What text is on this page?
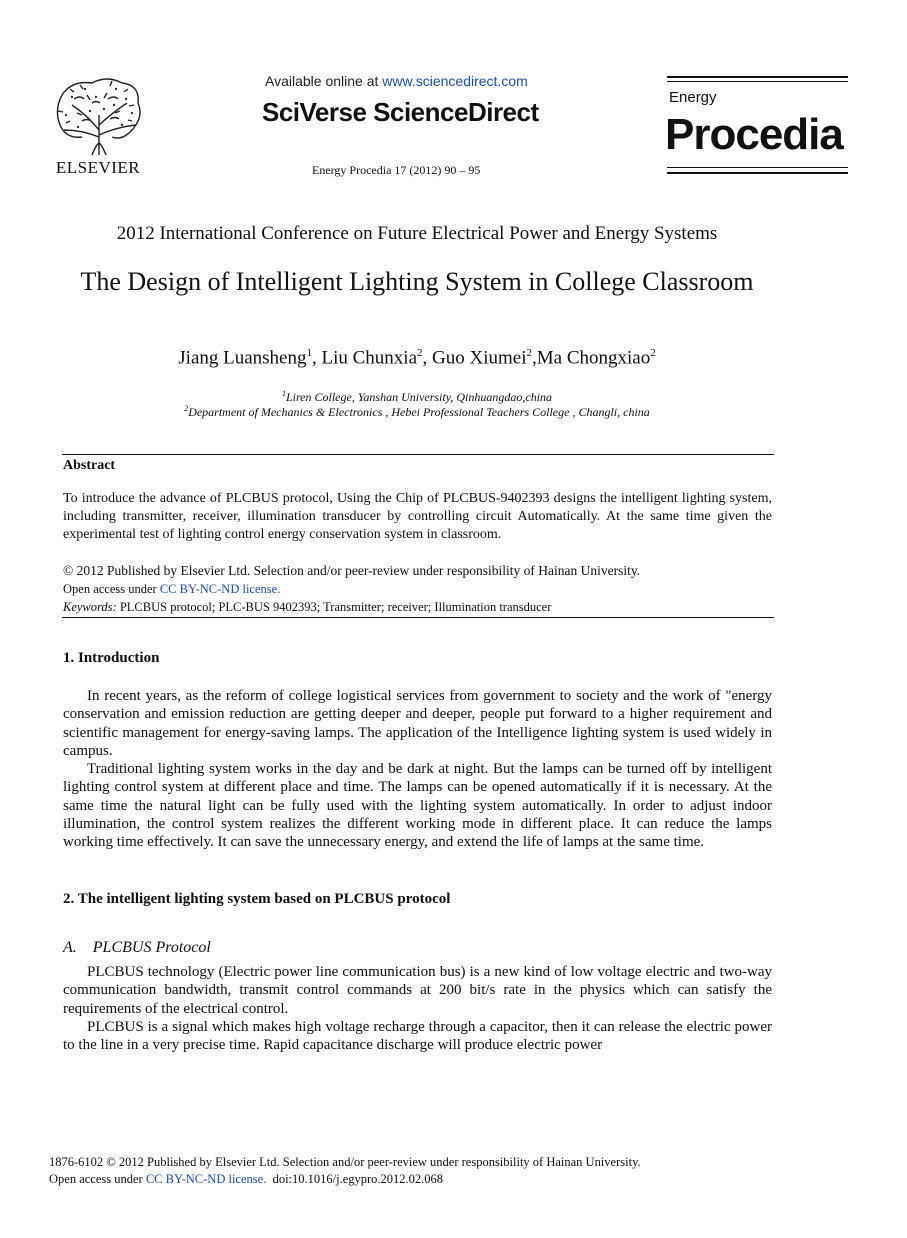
ELSEVIER
Available online at www.sciencedirect.com
SciVerse ScienceDirect
Energy Procedia 17 (2012) 90 – 95
Energy
Procedia
2012 International Conference on Future Electrical Power and Energy Systems
The Design of Intelligent Lighting System in College Classroom
Jiang Luansheng$^1$, Liu Chunxia$^2$, Guo Xiumei$^2$,Ma Chongxiao$^2$
$^1$Liren College, Yanshan University, Qinhuangdao,china
$^2$Department of Mechanics & Electronics , Hebei Professional Teachers College , Changli, china
Abstract
To introduce the advance of PLCBUS protocol, Using the Chip of PLCBUS-9402393 designs the intelligent lighting system, including transmitter, receiver, illumination transducer by controlling circuit Automatically. At the same time given the experimental test of lighting control energy conservation system in classroom.
© 2012 Published by Elsevier Ltd. Selection and/or peer-review under responsibility of Hainan University.
Open access under CC BY-NC-ND license.
Keywords: PLCBUS protocol; PLC-BUS 9402393; Transmitter; receiver; Illumination transducer
1. Introduction
In recent years, as the reform of college logistical services from government to society and the work of "energy conservation and emission reduction are getting deeper and deeper, people put forward to a higher requirement and scientific management for energy-saving lamps. The application of the Intelligence lighting system is used widely in campus.
Traditional lighting system works in the day and be dark at night. But the lamps can be turned off by intelligent lighting control system at different place and time. The lamps can be opened automatically if it is necessary. At the same time the natural light can be fully used with the lighting system automatically. In order to adjust indoor illumination, the control system realizes the different working mode in different place. It can reduce the lamps working time effectively. It can save the unnecessary energy, and extend the life of lamps at the same time.
2. The intelligent lighting system based on PLCBUS protocol
A.    PLCBUS Protocol
PLCBUS technology (Electric power line communication bus) is a new kind of low voltage electric and two-way communication bandwidth, transmit control commands at 200 bit/s rate in the physics which can satisfy the requirements of the electrical control.
PLCBUS is a signal which makes high voltage recharge through a capacitor, then it can release the electric power to the line in a very precise time. Rapid capacitance discharge will produce electric power
1876-6102 © 2012 Published by Elsevier Ltd. Selection and/or peer-review under responsibility of Hainan University.
Open access under CC BY-NC-ND license.  doi:10.1016/j.egypro.2012.02.068
